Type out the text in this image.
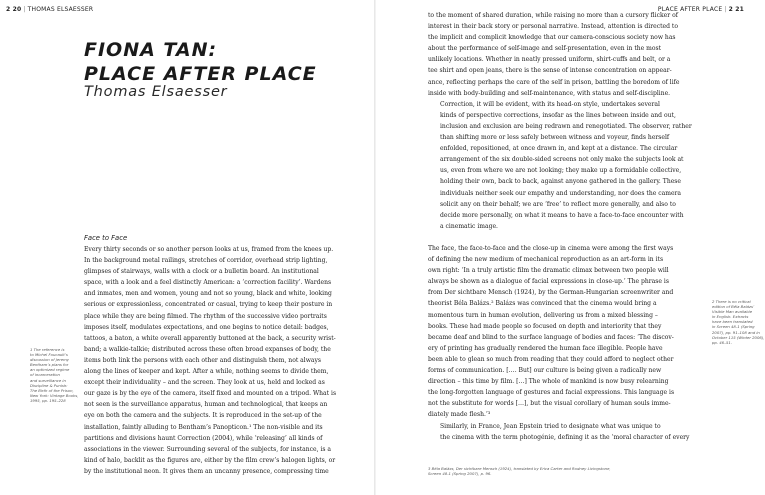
2 20 | THOMAS ELSAESSER	PLACE AFTER PLACE | 2 21
FIONA TAN:
PLACE AFTER PLACE
Thomas Elsaesser
Face to Face

Every thirty seconds or so another person looks at us, framed from the knees up.
In the background metal railings, stretches of corridor, overhead strip lighting,
glimpses of stairways, walls with a clock or a bulletin board. An institutional
space, with a look and a feel distinctly American: a ‘correction facility’. Wardens
and inmates, men and women, young and not so young, black and white, looking
serious or expressionless, concentrated or casual, trying to keep their posture in
place while they are being filmed. The rhythm of the successive video portraits
imposes itself, modulates expectations, and one begins to notice detail: badges,
tattoos, a baton, a white overall apparently buttoned at the back, a security wrist-
band; a walkie-talkie; distributed across these often broad expanses of body, the
items both link the persons with each other and distinguish them, not always
along the lines of keeper and kept. After a while, nothing seems to divide them,
except their individuality – and the screen. They look at us, held and locked as
our gaze is by the eye of the camera, itself fixed and mounted on a tripod. What is
not seen is the surveillance apparatus, human and technological, that keeps an
eye on both the camera and the subjects. It is reproduced in the set-up of the
installation, faintly alluding to Bentham’s Panopticon.¹ The non-visible and its
partitions and divisions haunt Correction (2004), while ‘releasing’ all kinds of
associations in the viewer. Surrounding several of the subjects, for instance, is a
kind of halo, backlit as the figures are, either by the film crew’s halogen lights, or
by the institutional neon. It gives them an uncanny presence, compressing time

to the moment of shared duration, while raising no more than a cursory flicker of
interest in their back story or personal narrative. Instead, attention is directed to
the implicit and complicit knowledge that our camera-conscious society now has
about the performance of self-image and self-presentation, even in the most
unlikely locations. Whether in neatly pressed uniform, shirt-cuffs and belt, or a
tee shirt and open jeans, there is the sense of intense concentration on appear-
ance, reflecting perhaps the care of the self in prison, battling the boredom of life
inside with body-building and self-maintenance, with status and self-discipline.

Correction, it will be evident, with its head-on style, undertakes several
kinds of perspective corrections, insofar as the lines between inside and out,
inclusion and exclusion are being redrawn and renegotiated. The observer, rather
than shifting more or less safely between witness and voyeur, finds herself
enfolded, repositioned, at once drawn in, and kept at a distance. The circular
arrangement of the six double-sided screens not only make the subjects look at
us, even from where we are not looking; they make up a formidable collective,
holding their own, back to back, against anyone gathered in the gallery. These
individuals neither seek our empathy and understanding, nor does the camera
solicit any on their behalf; we are ‘free’ to reflect more generally, and also to
decide more personally, on what it means to have a face-to-face encounter with
a cinematic image.

The face, the face-to-face and the close-up in cinema were among the first ways
of defining the new medium of mechanical reproduction as an art-form in its
own right: ‘In a truly artistic film the dramatic climax between two people will
always be shown as a dialogue of facial expressions in close-up.’ The phrase is
from Der sichtbare Mensch (1924), by the German-Hungarian screenwriter and
theorist Béla Balázs.² Balázs was convinced that the cinema would bring a
momentous turn in human evolution, delivering us from a mixed blessing –
books. These had made people so focused on depth and interiority that they
became deaf and blind to the surface language of bodies and faces: ‘The discov-
ery of printing has gradually rendered the human face illegible. People have
been able to glean so much from reading that they could afford to neglect other
forms of communication. […. But] our culture is being given a radically new
direction – this time by film. […] The whole of mankind is now busy relearning
the long-forgotten language of gestures and facial expressions. This language is
not the substitute for words […], but the visual corollary of human souls imme-
diately made flesh.’³

Similarly, in France, Jean Epstein tried to designate what was unique to
the cinema with the term photogénie, defining it as the ‘moral character of every

1 The reference is
to Michel Foucault’s
discussion of Jeremy
Bentham’s plans for
an optimized regime
of incarceration
and surveillance in
Discipline & Punish:
The Birth of the Prison,
New York: Vintage Books,
1995, pp. 195–228
2 There is no critical
edition of Béla Balázs’
Visible Man available
in English. Extracts
have been translated
in Screen 48-1 (Spring
2007), pp. 91–108 and in
October 115 (Winter 2006),
pp. 46–51.
3 Béla Balázs, Der sichtbare Mensch (1924), translated by Erica Carter and Rodney Livingstone,
Screen 48-1 (Spring 2007), p. 96.
